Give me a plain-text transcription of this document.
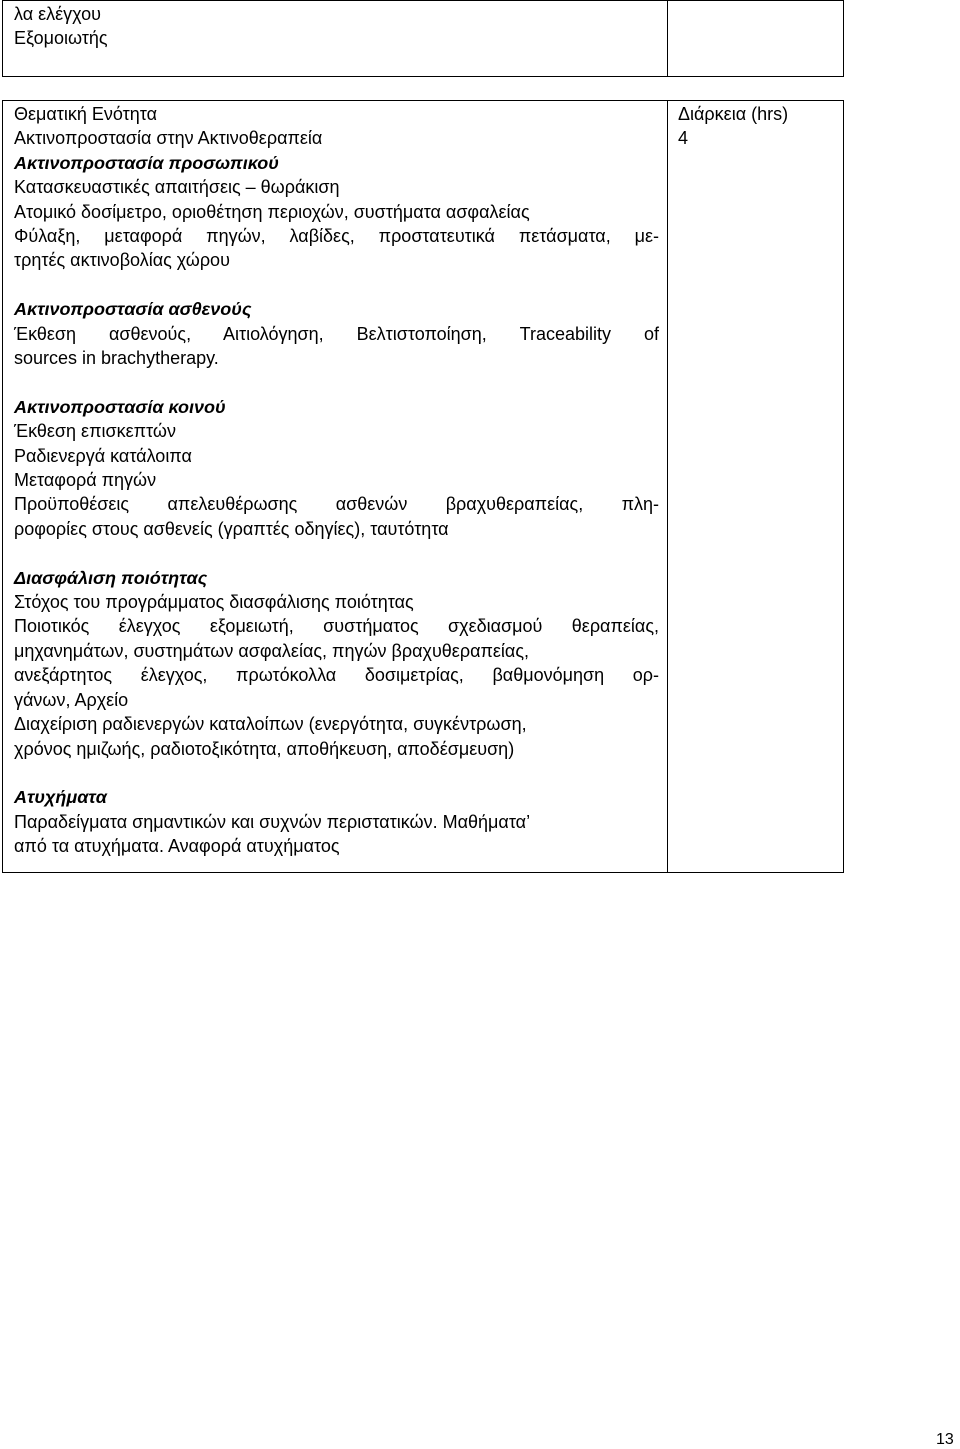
λα ελέγχου
Εξομοιωτής
Θεματική Ενότητα
Ακτινοπροστασία στην Ακτινοθεραπεία
Ακτινοπροστασία προσωπικού
Κατασκευαστικές απαιτήσεις – θωράκιση
Ατομικό δοσίμετρο, οριοθέτηση περιοχών, συστήματα ασφαλείας
Φύλαξη, μεταφορά πηγών, λαβίδες, προστατευτικά πετάσματα, με-
τρητές ακτινοβολίας χώρου
Ακτινοπροστασία ασθενούς
Έκθεση ασθενούς, Αιτιολόγηση, Βελτιστοποίηση, Traceability of
sources in brachytherapy.
Ακτινοπροστασία κοινού
Έκθεση επισκεπτών
Ραδιενεργά κατάλοιπα
Μεταφορά πηγών
Προϋποθέσεις απελευθέρωσης ασθενών βραχυθεραπείας, πλη-
ροφορίες στους ασθενείς (γραπτές οδηγίες), ταυτότητα
Διασφάλιση ποιότητας
Στόχος του προγράμματος διασφάλισης ποιότητας
Ποιοτικός έλεγχος εξομειωτή, συστήματος σχεδιασμού θεραπείας,
μηχανημάτων, συστημάτων ασφαλείας, πηγών βραχυθεραπείας,
ανεξάρτητος έλεγχος, πρωτόκολλα δοσιμετρίας, βαθμονόμηση ορ-
γάνων, Αρχείο
Διαχείριση ραδιενεργών καταλοίπων (ενεργότητα, συγκέντρωση,
χρόνος ημιζωής, ραδιοτοξικότητα, αποθήκευση, αποδέσμευση)
Ατυχήματα
Παραδείγματα σημαντικών και συχνών περιστατικών. Μαθήματα’
από τα ατυχήματα. Αναφορά ατυχήματος
Διάρκεια (hrs)
4
13
